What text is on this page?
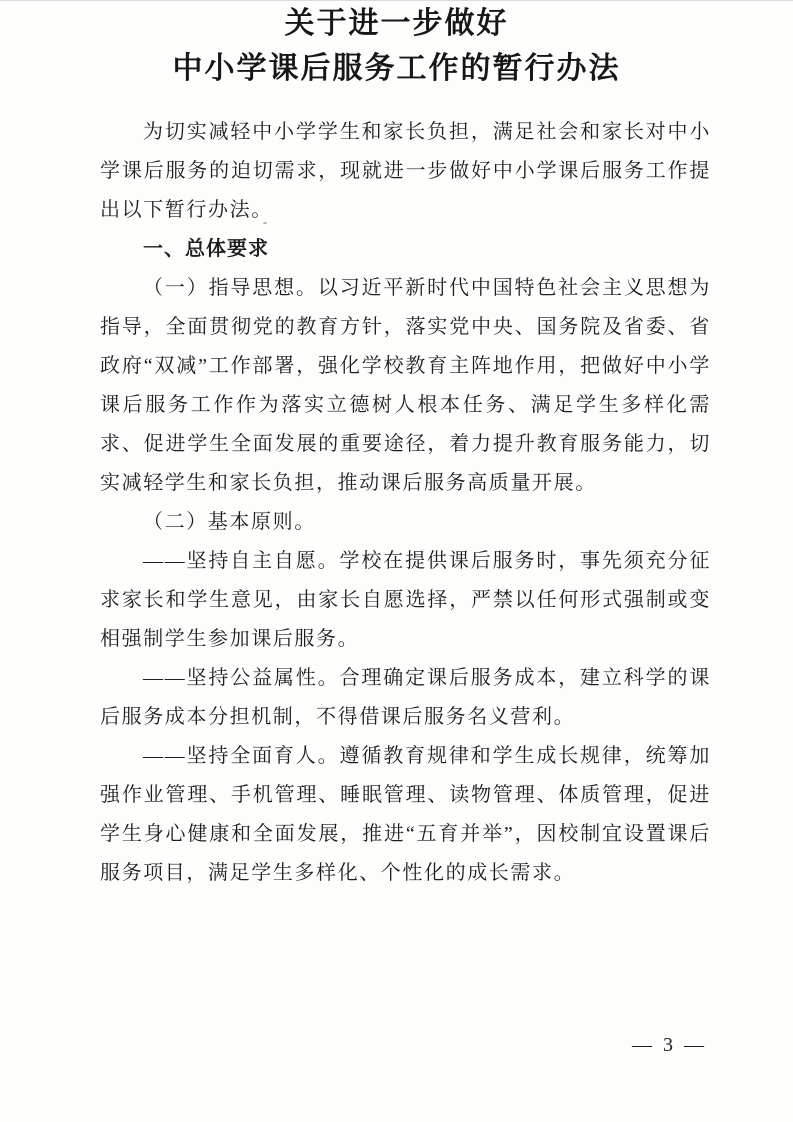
关于进一步做好
中小学课后服务工作的暂行办法

为切实减轻中小学学生和家长负担，满足社会和家长对中小学课后服务的迫切需求，现就进一步做好中小学课后服务工作提出以下暂行办法。

一、总体要求

（一）指导思想。以习近平新时代中国特色社会主义思想为指导，全面贯彻党的教育方针，落实党中央、国务院及省委、省政府“双减”工作部署，强化学校教育主阵地作用，把做好中小学课后服务工作作为落实立德树人根本任务、满足学生多样化需求、促进学生全面发展的重要途径，着力提升教育服务能力，切实减轻学生和家长负担，推动课后服务高质量开展。

（二）基本原则。

——坚持自主自愿。学校在提供课后服务时，事先须充分征求家长和学生意见，由家长自愿选择，严禁以任何形式强制或变相强制学生参加课后服务。

——坚持公益属性。合理确定课后服务成本，建立科学的课后服务成本分担机制，不得借课后服务名义营利。

——坚持全面育人。遵循教育规律和学生成长规律，统筹加强作业管理、手机管理、睡眠管理、读物管理、体质管理，促进学生身心健康和全面发展，推进“五育并举”，因校制宜设置课后服务项目，满足学生多样化、个性化的成长需求。

— 3 —
